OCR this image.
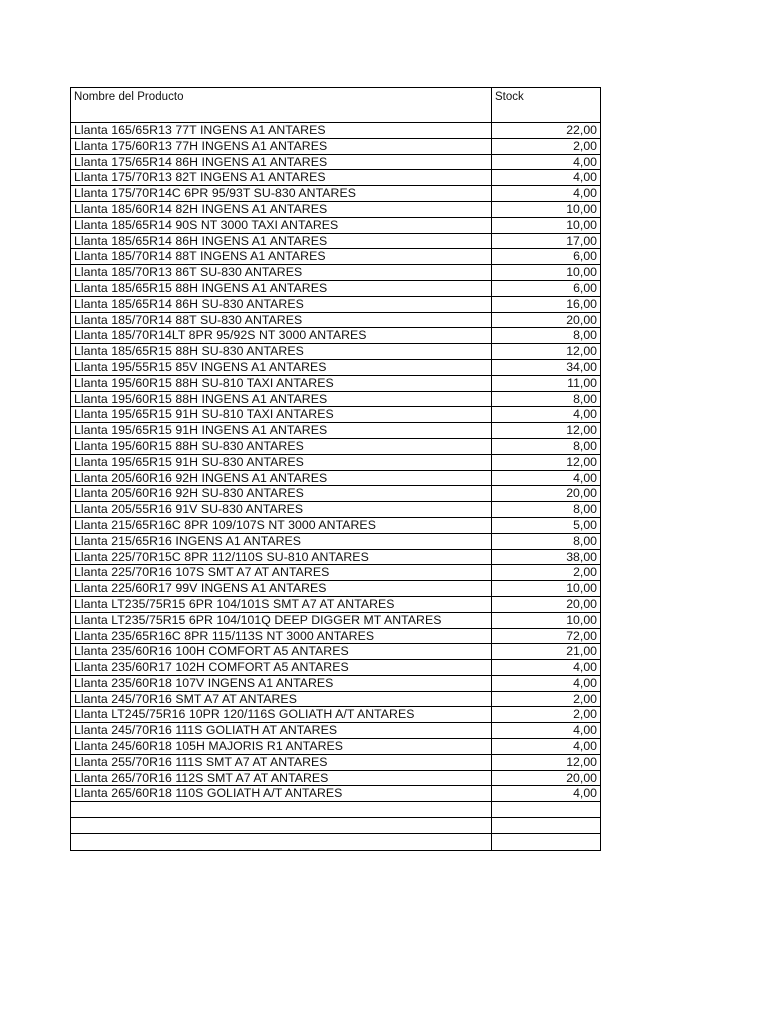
Nombre del Producto	Stock
Llanta 165/65R13 77T INGENS A1 ANTARES	22,00
Llanta 175/60R13 77H INGENS A1 ANTARES	2,00
Llanta 175/65R14 86H INGENS A1 ANTARES	4,00
Llanta 175/70R13 82T INGENS A1 ANTARES	4,00
Llanta 175/70R14C 6PR 95/93T SU-830 ANTARES	4,00
Llanta 185/60R14 82H INGENS A1 ANTARES	10,00
Llanta 185/65R14 90S NT 3000 TAXI ANTARES	10,00
Llanta 185/65R14 86H INGENS A1 ANTARES	17,00
Llanta 185/70R14 88T INGENS A1 ANTARES	6,00
Llanta 185/70R13 86T SU-830 ANTARES	10,00
Llanta 185/65R15 88H INGENS A1 ANTARES	6,00
Llanta 185/65R14 86H SU-830 ANTARES	16,00
Llanta 185/70R14 88T SU-830 ANTARES	20,00
Llanta 185/70R14LT 8PR 95/92S NT 3000 ANTARES	8,00
Llanta 185/65R15 88H SU-830 ANTARES	12,00
Llanta 195/55R15 85V INGENS A1 ANTARES	34,00
Llanta 195/60R15 88H SU-810 TAXI ANTARES	11,00
Llanta 195/60R15 88H INGENS A1 ANTARES	8,00
Llanta 195/65R15 91H SU-810 TAXI ANTARES	4,00
Llanta 195/65R15 91H INGENS A1 ANTARES	12,00
Llanta 195/60R15 88H SU-830 ANTARES	8,00
Llanta 195/65R15 91H SU-830 ANTARES	12,00
Llanta 205/60R16 92H INGENS A1 ANTARES	4,00
Llanta 205/60R16 92H SU-830 ANTARES	20,00
Llanta 205/55R16 91V SU-830 ANTARES	8,00
Llanta 215/65R16C 8PR 109/107S NT 3000 ANTARES	5,00
Llanta 215/65R16 INGENS A1 ANTARES	8,00
Llanta 225/70R15C 8PR 112/110S SU-810 ANTARES	38,00
Llanta 225/70R16 107S SMT A7 AT ANTARES	2,00
Llanta 225/60R17 99V INGENS A1 ANTARES	10,00
Llanta LT235/75R15 6PR 104/101S SMT A7 AT ANTARES	20,00
Llanta LT235/75R15 6PR 104/101Q DEEP DIGGER MT ANTARES	10,00
Llanta 235/65R16C 8PR 115/113S NT 3000 ANTARES	72,00
Llanta 235/60R16 100H COMFORT A5 ANTARES	21,00
Llanta 235/60R17 102H COMFORT A5 ANTARES	4,00
Llanta 235/60R18 107V INGENS A1 ANTARES	4,00
Llanta 245/70R16 SMT A7 AT ANTARES	2,00
Llanta LT245/75R16 10PR 120/116S GOLIATH A/T ANTARES	2,00
Llanta 245/70R16 111S GOLIATH AT ANTARES	4,00
Llanta 245/60R18 105H MAJORIS R1 ANTARES	4,00
Llanta 255/70R16 111S SMT A7 AT ANTARES	12,00
Llanta 265/70R16 112S SMT A7 AT ANTARES	20,00
Llanta 265/60R18 110S GOLIATH A/T ANTARES	4,00
